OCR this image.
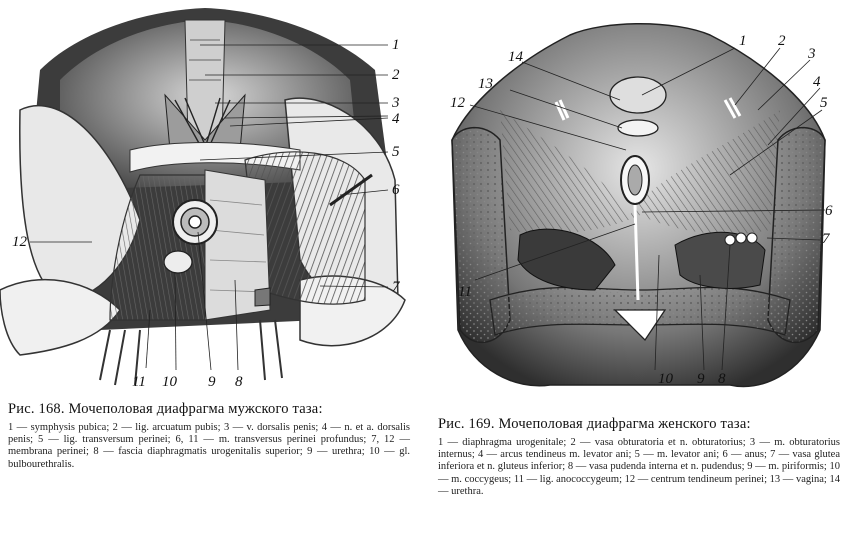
1
2
3
4
5
6
7
8
9
10
11
12
Рис. 168. Мочеполовая диафрагма мужского таза:
1 — symphysis pubica; 2 — lig. arcuatum pubis; 3 — v. dorsalis penis; 4 — n. et a. dorsalis penis; 5 — lig. transversum perinei; 6, 11 — m. transversus perinei profundus; 7, 12 — membrana perinei; 8 — fascia diaphragmatis urogenitalis superior; 9 — urethra; 10 — gl. bulbourethralis.
1 2
3
4
5
6
7
8
9
10
11
12
13
14
Рис. 169. Мочеполовая диафрагма женского таза:
1 — diaphragma urogenitale; 2 — vasa obturatoria et n. obturatorius; 3 — m. obturatorius internus; 4 — arcus tendineus m. levator ani; 5 — m. levator ani; 6 — anus; 7 — vasa glutea inferiora et n. gluteus inferior; 8 — vasa pudenda interna et n. pudendus; 9 — m. piriformis; 10 — m. coccygeus; 11 — lig. anococcygeum; 12 — centrum tendineum perinei; 13 — vagina; 14 — urethra.
